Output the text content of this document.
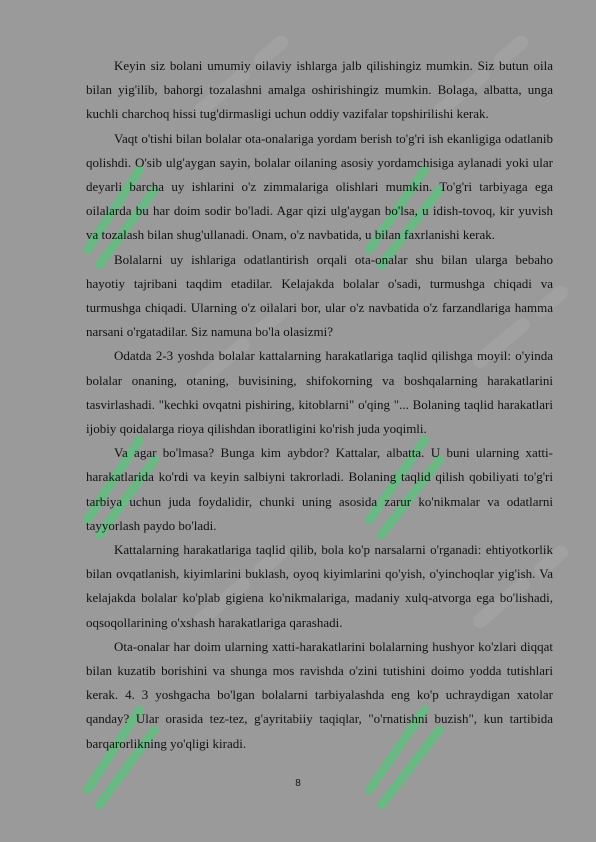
Keyin siz bolani umumiy oilaviy ishlarga jalb qilishingiz mumkin. Siz butun oila bilan yig'ilib, bahorgi tozalashni amalga oshirishingiz mumkin. Bolaga, albatta, unga kuchli charchoq hissi tug'dirmasligi uchun oddiy vazifalar topshirilishi kerak.

Vaqt o'tishi bilan bolalar ota-onalariga yordam berish to'g'ri ish ekanligiga odatlanib qolishdi. O'sib ulg'aygan sayin, bolalar oilaning asosiy yordamchisiga aylanadi yoki ular deyarli barcha uy ishlarini o'z zimmalariga olishlari mumkin. To'g'ri tarbiyaga ega oilalarda bu har doim sodir bo'ladi. Agar qizi ulg'aygan bo'lsa, u idish-tovoq, kir yuvish va tozalash bilan shug'ullanadi. Onam, o'z navbatida, u bilan faxrlanishi kerak.

Bolalarni uy ishlariga odatlantirish orqali ota-onalar shu bilan ularga bebaho hayotiy tajribani taqdim etadilar. Kelajakda bolalar o'sadi, turmushga chiqadi va turmushga chiqadi. Ularning o'z oilalari bor, ular o'z navbatida o'z farzandlariga hamma narsani o'rgatadilar. Siz namuna bo'la olasizmi?

Odatda 2-3 yoshda bolalar kattalarning harakatlariga taqlid qilishga moyil: o'yinda bolalar onaning, otaning, buvisining, shifokorning va boshqalarning harakatlarini tasvirlashadi. "kechki ovqatni pishiring, kitoblarni" o'qing "... Bolaning taqlid harakatlari ijobiy qoidalarga rioya qilishdan iboratligini ko'rish juda yoqimli.

Va agar bo'lmasa? Bunga kim aybdor? Kattalar, albatta. U buni ularning xatti-harakatlarida ko'rdi va keyin salbiyni takrorladi. Bolaning taqlid qilish qobiliyati to'g'ri tarbiya uchun juda foydalidir, chunki uning asosida zarur ko'nikmalar va odatlarni tayyorlash paydo bo'ladi.

Kattalarning harakatlariga taqlid qilib, bola ko'p narsalarni o'rganadi: ehtiyotkorlik bilan ovqatlanish, kiyimlarini buklash, oyoq kiyimlarini qo'yish, o'yinchoqlar yig'ish. Va kelajakda bolalar ko'plab gigiena ko'nikmalariga, madaniy xulq-atvorga ega bo'lishadi, oqsoqollarining o'xshash harakatlariga qarashadi.

Ota-onalar har doim ularning xatti-harakatlarini bolalarning hushyor ko'zlari diqqat bilan kuzatib borishini va shunga mos ravishda o'zini tutishini doimo yodda tutishlari kerak. 4. 3 yoshgacha bo'lgan bolalarni tarbiyalashda eng ko'p uchraydigan xatolar qanday? Ular orasida tez-tez, g'ayritabiiy taqiqlar, "o'rnatishni buzish", kun tartibida barqarorlikning yo'qligi kiradi.

8
